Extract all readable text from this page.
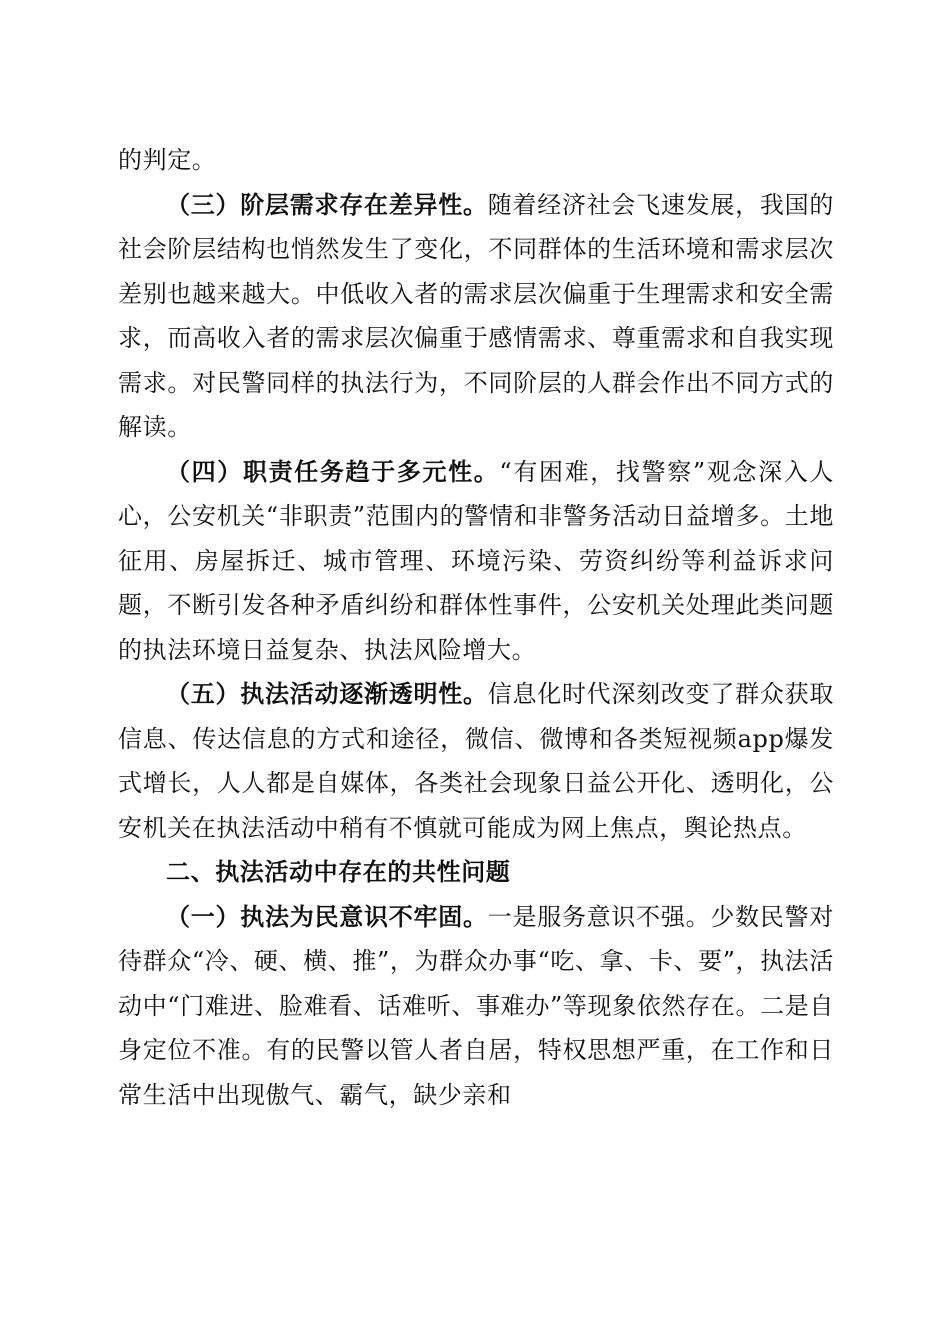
的判定。

（三）阶层需求存在差异性。随着经济社会飞速发展，我国的社会阶层结构也悄然发生了变化，不同群体的生活环境和需求层次差别也越来越大。中低收入者的需求层次偏重于生理需求和安全需求，而高收入者的需求层次偏重于感情需求、尊重需求和自我实现需求。对民警同样的执法行为，不同阶层的人群会作出不同方式的解读。

（四）职责任务趋于多元性。“有困难，找警察”观念深入人心，公安机关“非职责”范围内的警情和非警务活动日益增多。土地征用、房屋拆迁、城市管理、环境污染、劳资纠纷等利益诉求问题，不断引发各种矛盾纠纷和群体性事件，公安机关处理此类问题的执法环境日益复杂、执法风险增大。

（五）执法活动逐渐透明性。信息化时代深刻改变了群众获取信息、传达信息的方式和途径，微信、微博和各类短视频app爆发式增长，人人都是自媒体，各类社会现象日益公开化、透明化，公安机关在执法活动中稍有不慎就可能成为网上焦点，舆论热点。

二、执法活动中存在的共性问题

（一）执法为民意识不牢固。一是服务意识不强。少数民警对待群众“冷、硬、横、推”，为群众办事“吃、拿、卡、要”，执法活动中“门难进、脸难看、话难听、事难办”等现象依然存在。二是自身定位不准。有的民警以管人者自居，特权思想严重，在工作和日常生活中出现傲气、霸气，缺少亲和
